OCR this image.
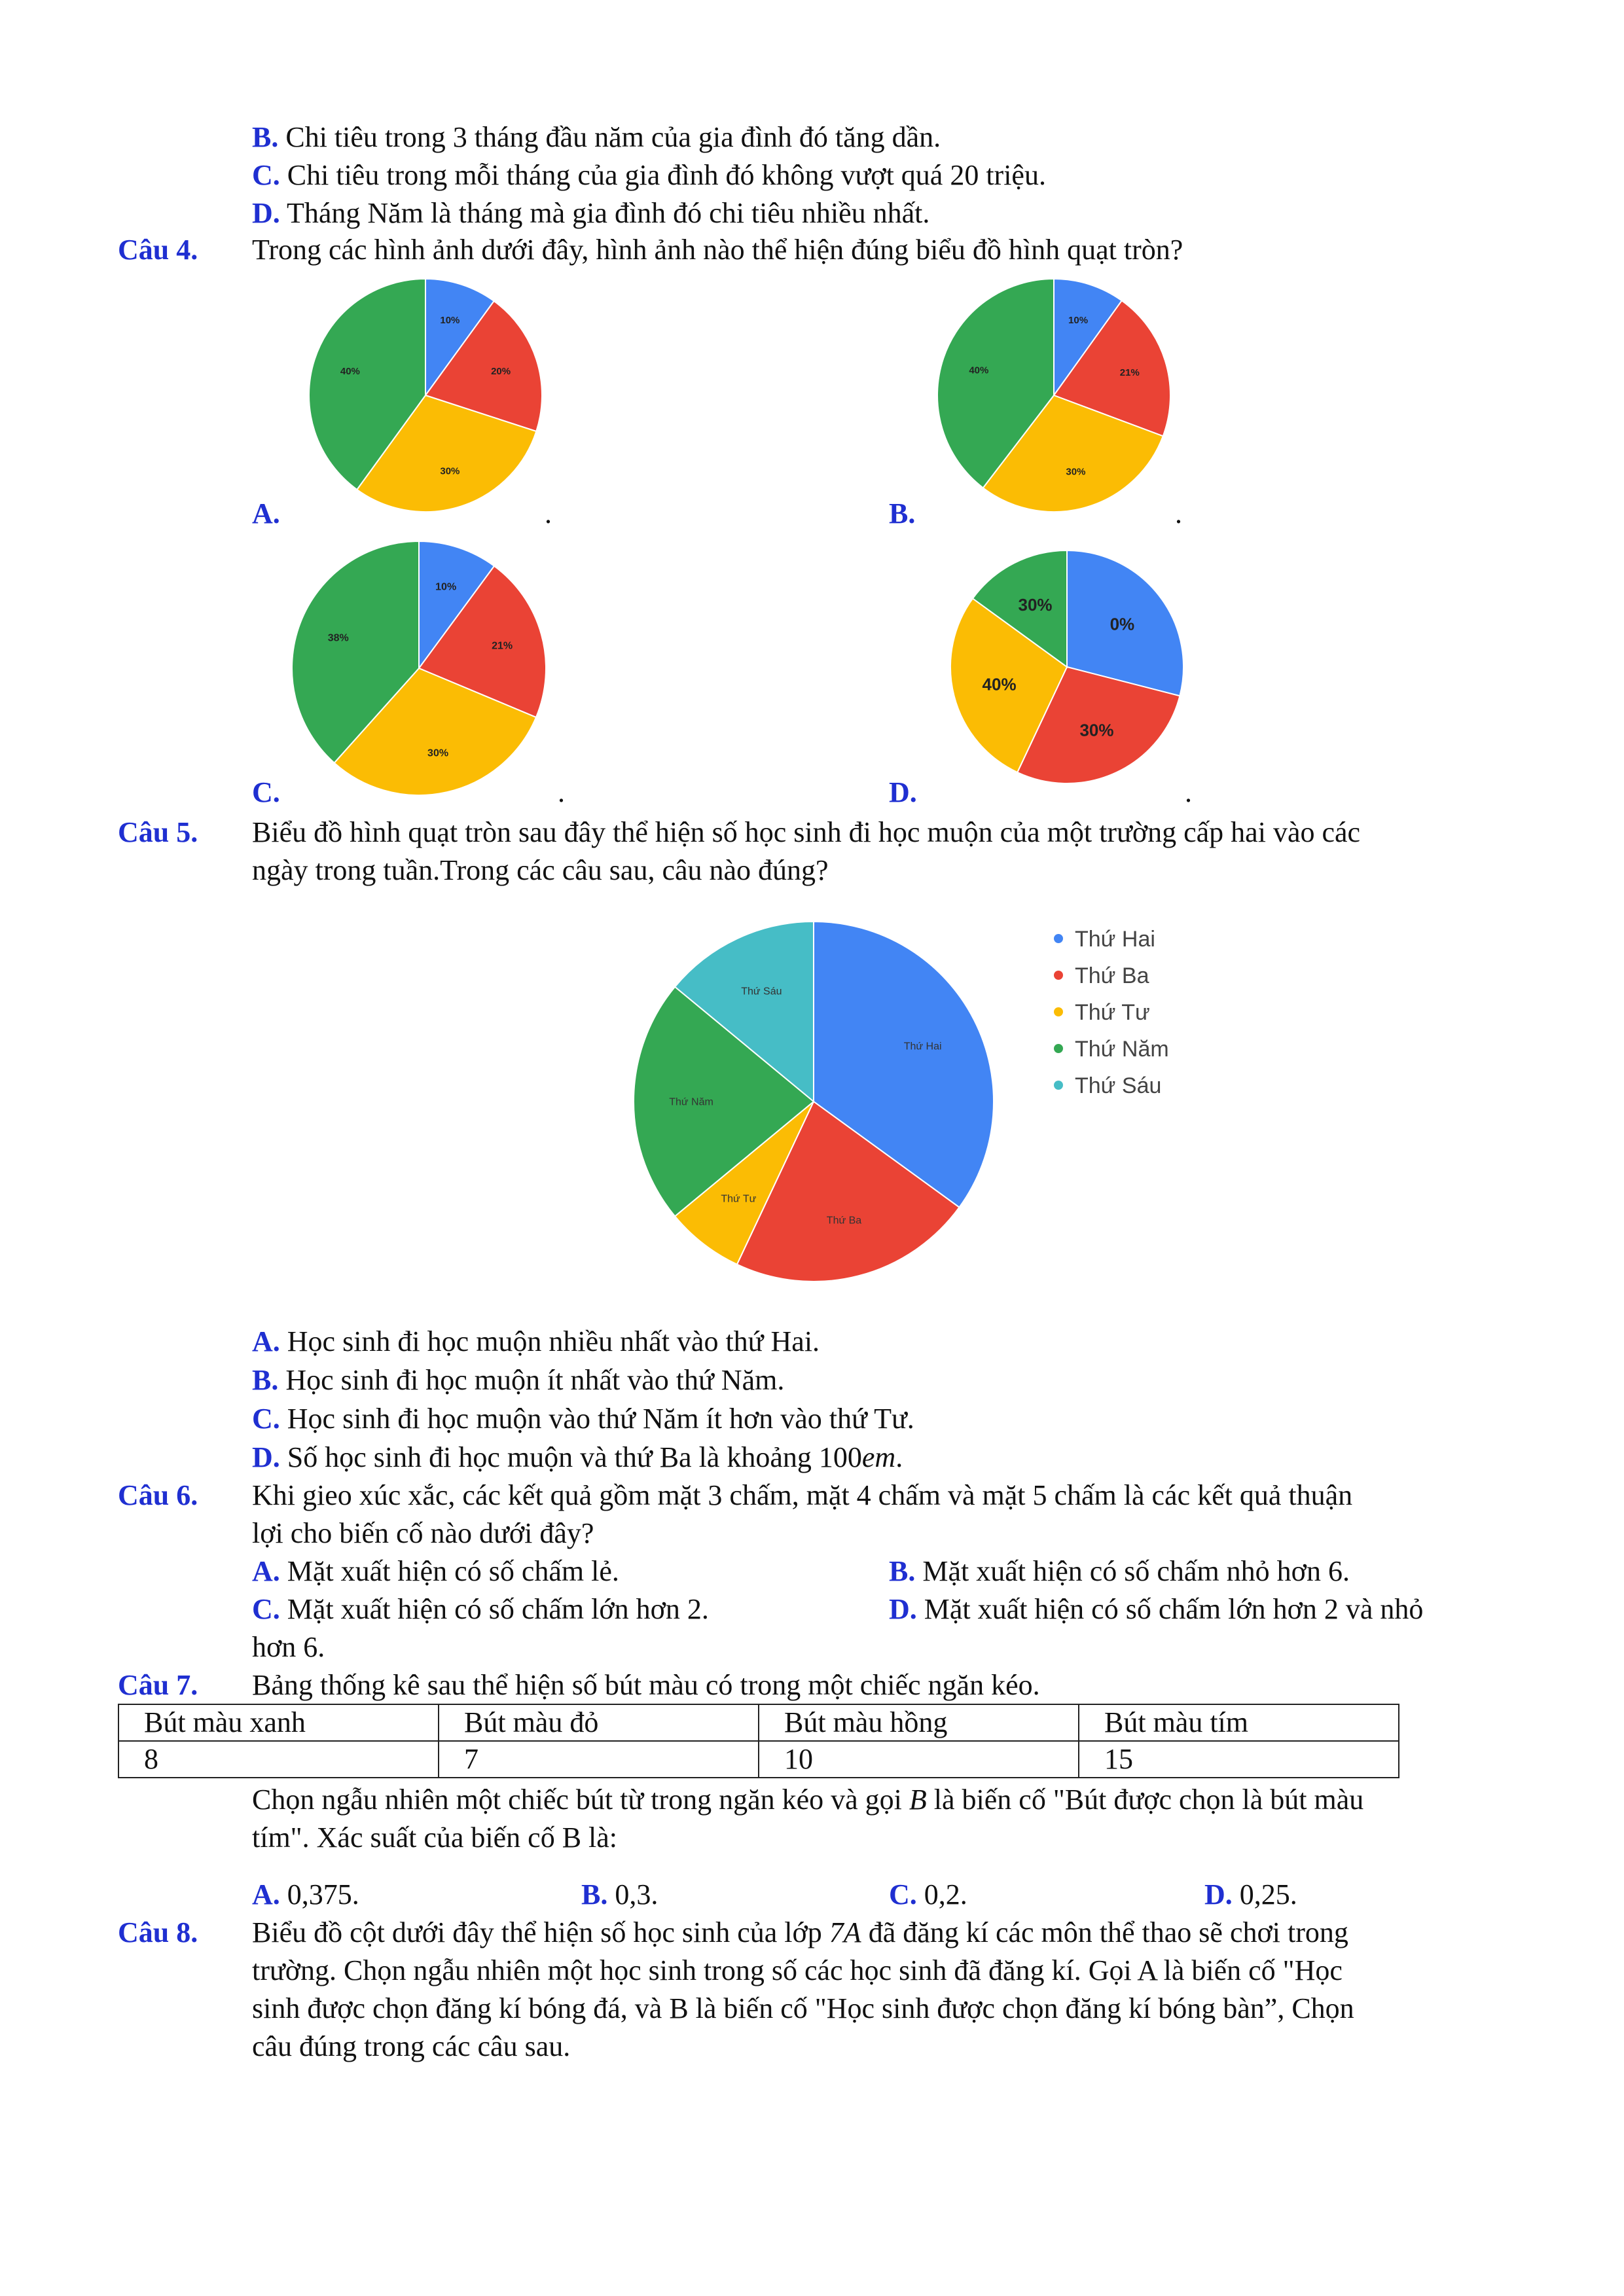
B. Chi tiêu trong 3 tháng đầu năm của gia đình đó tăng dần.
C. Chi tiêu trong mỗi tháng của gia đình đó không vượt quá 20 triệu.
D. Tháng Năm là tháng mà gia đình đó chi tiêu nhiều nhất.
Câu 4. Trong các hình ảnh dưới đây, hình ảnh nào thể hiện đúng biểu đồ hình quạt tròn?
10%
20%
30%
40%
10%
21%
30%
40%
10%
21%
30%
38%
0%
30%
40%
30%
A.	.	B.	.
C.	.	D.	.
Câu 5. Biểu đồ hình quạt tròn sau đây thể hiện số học sinh đi học muộn của một trường cấp hai vào các
ngày trong tuần.Trong các câu sau, câu nào đúng?
Thứ Hai
Thứ Ba
Thứ Tư
Thứ Năm
Thứ Sáu
Thứ Hai
Thứ Ba
Thứ Tư
Thứ Năm
Thứ Sáu
A. Học sinh đi học muộn nhiều nhất vào thứ Hai.
B. Học sinh đi học muộn ít nhất vào thứ Năm.
C. Học sinh đi học muộn vào thứ Năm ít hơn vào thứ Tư.
D. Số học sinh đi học muộn và thứ Ba là khoảng 100em.
Câu 6. Khi gieo xúc xắc, các kết quả gồm mặt 3 chấm, mặt 4 chấm và mặt 5 chấm là các kết quả thuận
lợi cho biến cố nào dưới đây?
A. Mặt xuất hiện có số chấm lẻ.	B. Mặt xuất hiện có số chấm nhỏ hơn 6.
C. Mặt xuất hiện có số chấm lớn hơn 2.	D. Mặt xuất hiện có số chấm lớn hơn 2 và nhỏ
hơn 6.
Câu 7. Bảng thống kê sau thể hiện số bút màu có trong một chiếc ngăn kéo.
Bút màu xanh	Bút màu đỏ	Bút màu hồng	Bút màu tím
8	7	10	15
Chọn ngẫu nhiên một chiếc bút từ trong ngăn kéo và gọi B là biến cố "Bút được chọn là bút màu
tím". Xác suất của biến cố B là:
A. 0,375.	B. 0,3.	C. 0,2.	D. 0,25.
Câu 8. Biểu đồ cột dưới đây thể hiện số học sinh của lớp 7A đã đăng kí các môn thể thao sẽ chơi trong
trường. Chọn ngẫu nhiên một học sinh trong số các học sinh đã đăng kí. Gọi A là biến cố "Học
sinh được chọn đăng kí bóng đá, và B là biến cố "Học sinh được chọn đăng kí bóng bàn”, Chọn
câu đúng trong các câu sau.
